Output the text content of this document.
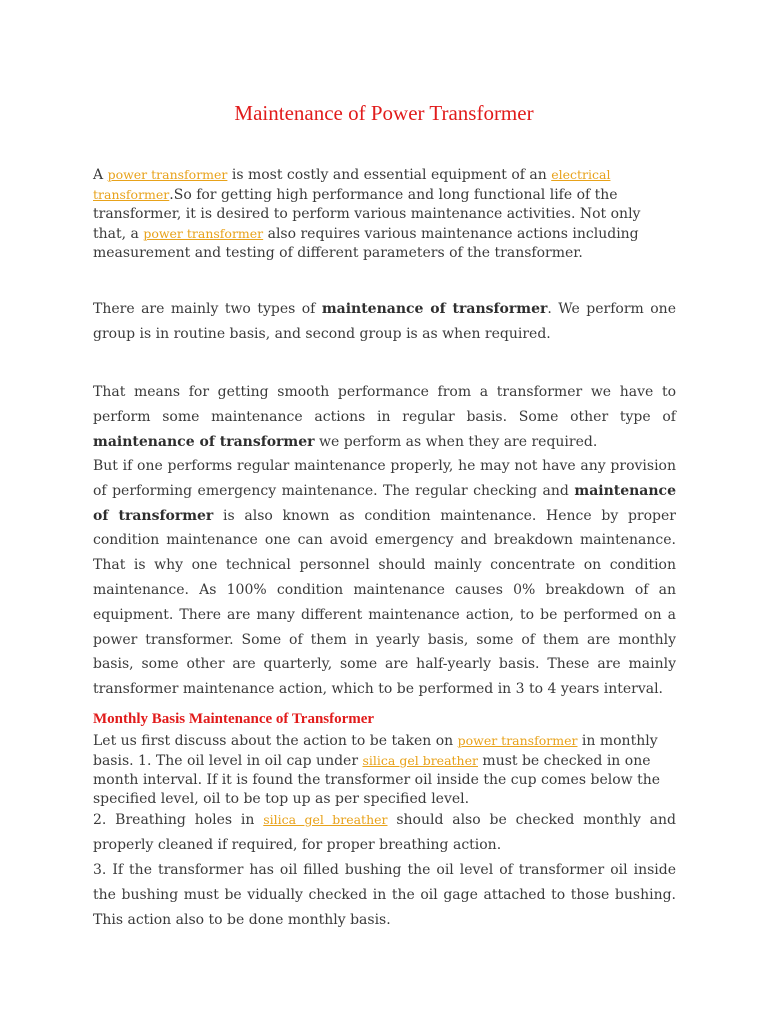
Maintenance of Power Transformer

A power transformer is most costly and essential equipment of an electrical transformer.So for getting high performance and long functional life of the transformer, it is desired to perform various maintenance activities. Not only that, a power transformer also requires various maintenance actions including measurement and testing of different parameters of the transformer.

There are mainly two types of maintenance of transformer. We perform one group is in routine basis, and second group is as when required.

That means for getting smooth performance from a transformer we have to perform some maintenance actions in regular basis. Some other type of maintenance of transformer we perform as when they are required.

But if one performs regular maintenance properly, he may not have any provision of performing emergency maintenance. The regular checking and maintenance of transformer is also known as condition maintenance. Hence by proper condition maintenance one can avoid emergency and breakdown maintenance. That is why one technical personnel should mainly concentrate on condition maintenance. As 100% condition maintenance causes 0% breakdown of an equipment. There are many different maintenance action, to be performed on a power transformer. Some of them in yearly basis, some of them are monthly basis, some other are quarterly, some are half-yearly basis. These are mainly transformer maintenance action, which to be performed in 3 to 4 years interval.

Monthly Basis Maintenance of Transformer

Let us first discuss about the action to be taken on power transformer in monthly basis. 1. The oil level in oil cap under silica gel breather must be checked in one month interval. If it is found the transformer oil inside the cup comes below the specified level, oil to be top up as per specified level.

2. Breathing holes in silica gel breather should also be checked monthly and properly cleaned if required, for proper breathing action.

3. If the transformer has oil filled bushing the oil level of transformer oil inside the bushing must be vidually checked in the oil gage attached to those bushing. This action also to be done monthly basis.
